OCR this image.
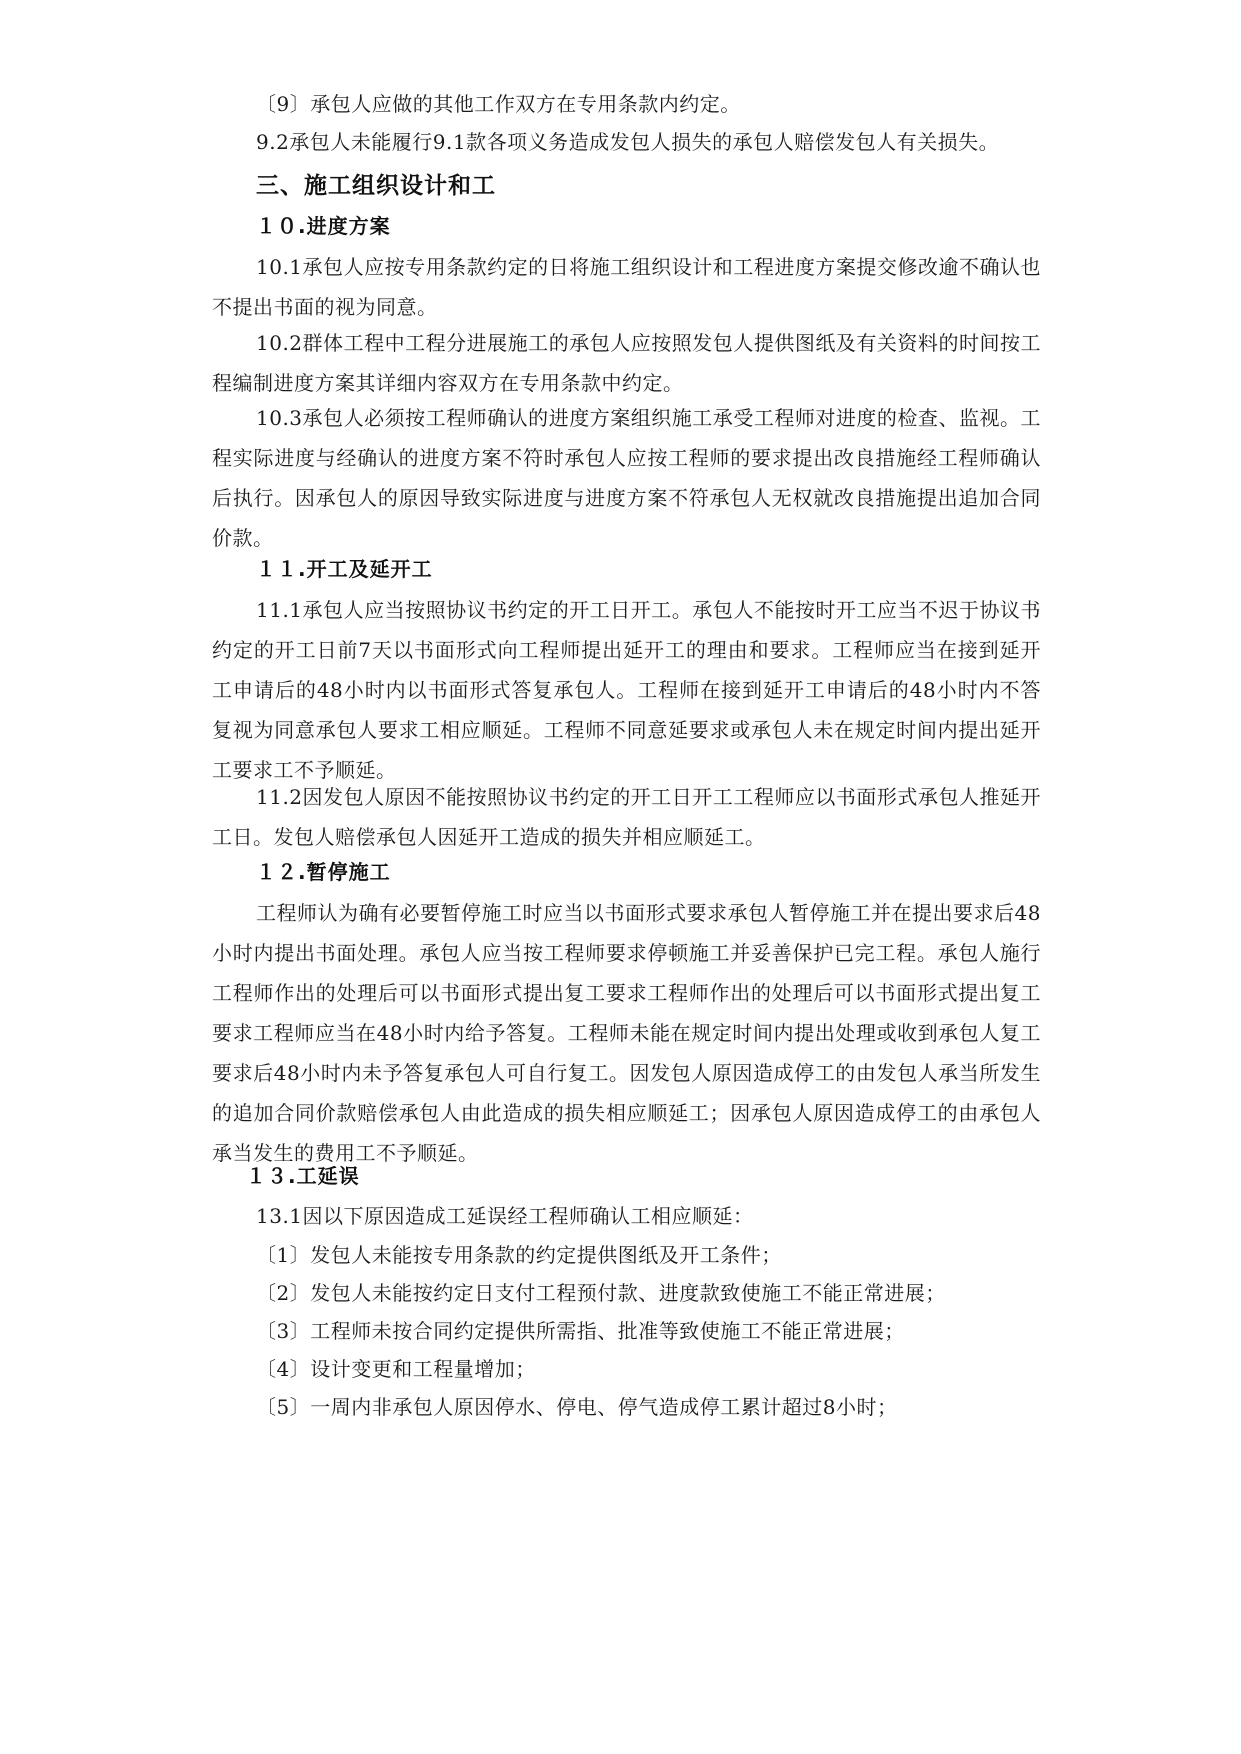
〔9〕承包人应做的其他工作双方在专用条款内约定。

9.2承包人未能履行9.1款各项义务造成发包人损失的承包人赔偿发包人有关损失。

三、施工组织设计和工
１０.进度方案

10.1承包人应按专用条款约定的日将施工组织设计和工程进度方案提交修改逾不确认也不提出书面的视为同意。

10.2群体工程中工程分进展施工的承包人应按照发包人提供图纸及有关资料的时间按工程编制进度方案其详细内容双方在专用条款中约定。

10.3承包人必须按工程师确认的进度方案组织施工承受工程师对进度的检查、监视。工程实际进度与经确认的进度方案不符时承包人应按工程师的要求提出改良措施经工程师确认后执行。因承包人的原因导致实际进度与进度方案不符承包人无权就改良措施提出追加合同价款。

１１.开工及延开工

11.1承包人应当按照协议书约定的开工日开工。承包人不能按时开工应当不迟于协议书约定的开工日前7天以书面形式向工程师提出延开工的理由和要求。工程师应当在接到延开工申请后的48小时内以书面形式答复承包人。工程师在接到延开工申请后的48小时内不答复视为同意承包人要求工相应顺延。工程师不同意延要求或承包人未在规定时间内提出延开工要求工不予顺延。

11.2因发包人原因不能按照协议书约定的开工日开工工程师应以书面形式承包人推延开工日。发包人赔偿承包人因延开工造成的损失并相应顺延工。

１２.暂停施工

工程师认为确有必要暂停施工时应当以书面形式要求承包人暂停施工并在提出要求后48小时内提出书面处理。承包人应当按工程师要求停顿施工并妥善保护已完工程。承包人施行工程师作出的处理后可以书面形式提出复工要求工程师作出的处理后可以书面形式提出复工要求工程师应当在48小时内给予答复。工程师未能在规定时间内提出处理或收到承包人复工要求后48小时内未予答复承包人可自行复工。因发包人原因造成停工的由发包人承当所发生的追加合同价款赔偿承包人由此造成的损失相应顺延工；因承包人原因造成停工的由承包人承当发生的费用工不予顺延。

１３.工延误

13.1因以下原因造成工延误经工程师确认工相应顺延：

〔1〕发包人未能按专用条款的约定提供图纸及开工条件；

〔2〕发包人未能按约定日支付工程预付款、进度款致使施工不能正常进展；

〔3〕工程师未按合同约定提供所需指、批准等致使施工不能正常进展；

〔4〕设计变更和工程量增加；

〔5〕一周内非承包人原因停水、停电、停气造成停工累计超过8小时；
